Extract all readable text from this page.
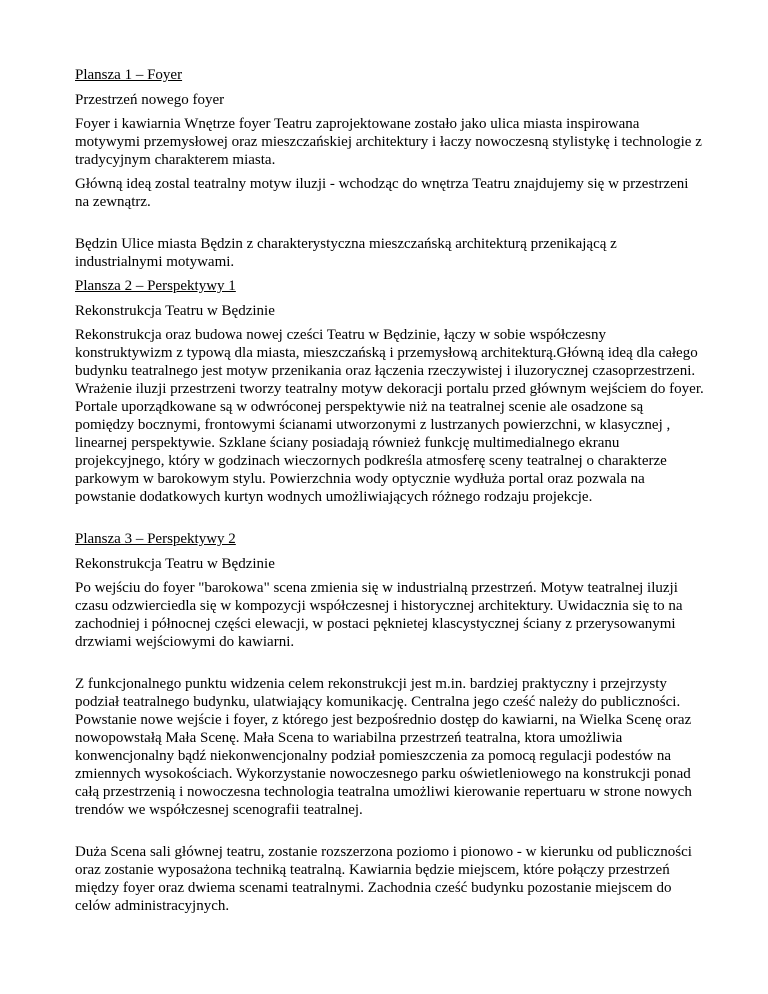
Plansza 1 – Foyer

Przestrzeń nowego foyer

Foyer i kawiarnia Wnętrze foyer Teatru zaprojektowane zostało jako ulica miasta inspirowana motywymi przemysłowej oraz mieszczańskiej architektury i łaczy nowoczesną stylistykę i technologie z tradycyjnym charakterem miasta.

Główną ideą zostal teatralny motyw iluzji - wchodząc do wnętrza Teatru znajdujemy się w przestrzeni na zewnątrz.

Będzin Ulice miasta Będzin z charakterystyczna mieszczańską architekturą przenikającą z industrialnymi motywami.

Plansza 2 – Perspektywy 1

Rekonstrukcja Teatru w Będzinie

Rekonstrukcja oraz budowa nowej cześci Teatru w Będzinie, łączy w sobie współczesny konstruktywizm z typową dla miasta, mieszczańską i przemysłową architekturą.Główną ideą dla całego budynku teatralnego jest motyw przenikania oraz łączenia rzeczywistej i iluzorycznej czasoprzestrzeni. Wrażenie iluzji przestrzeni tworzy teatralny motyw dekoracji portalu przed głównym wejściem do foyer. Portale uporządkowane są w odwróconej perspektywie niż na teatralnej scenie ale osadzone są pomiędzy bocznymi, frontowymi ścianami utworzonymi z lustrzanych powierzchni, w klasycznej , linearnej perspektywie. Szklane ściany posiadają również funkcję multimedialnego ekranu projekcyjnego, który w godzinach wieczornych podkreśla atmosferę sceny teatralnej o charakterze parkowym w barokowym stylu. Powierzchnia wody optycznie wydłuża portal oraz pozwala na powstanie dodatkowych kurtyn wodnych umożliwiających różnego rodzaju projekcje.

Plansza 3 – Perspektywy 2

Rekonstrukcja Teatru w Będzinie

Po wejściu do foyer "barokowa" scena zmienia się w industrialną przestrzeń. Motyw teatralnej iluzji czasu odzwierciedla się w kompozycji współczesnej i historycznej architektury. Uwidacznia się to na zachodniej i północnej części elewacji, w postaci pęknietej klascystycznej ściany z przerysowanymi drzwiami wejściowymi do kawiarni.

Z funkcjonalnego punktu widzenia celem rekonstrukcji jest m.in. bardziej praktyczny i przejrzysty podział teatralnego budynku, ulatwiający komunikację. Centralna jego cześć należy do publiczności. Powstanie nowe wejście i foyer, z którego jest bezpośrednio dostęp do kawiarni, na Wielka Scenę oraz nowopowstałą Mała Scenę. Mała Scena to wariabilna przestrzeń teatralna, ktora umożliwia konwencjonalny bądź niekonwencjonalny podział pomieszczenia za pomocą regulacji podestów na zmiennych wysokościach. Wykorzystanie nowoczesnego parku oświetleniowego na konstrukcji ponad całą przestrzenią i nowoczesna technologia teatralna umożliwi kierowanie repertuaru w strone nowych trendów we współczesnej scenografii teatralnej.

Duża Scena sali głównej teatru, zostanie rozszerzona poziomo i pionowo - w kierunku od publiczności oraz zostanie wyposażona techniką teatralną. Kawiarnia będzie miejscem, które połączy przestrzeń między foyer oraz dwiema scenami teatralnymi. Zachodnia cześć budynku pozostanie miejscem do celów administracyjnych.
